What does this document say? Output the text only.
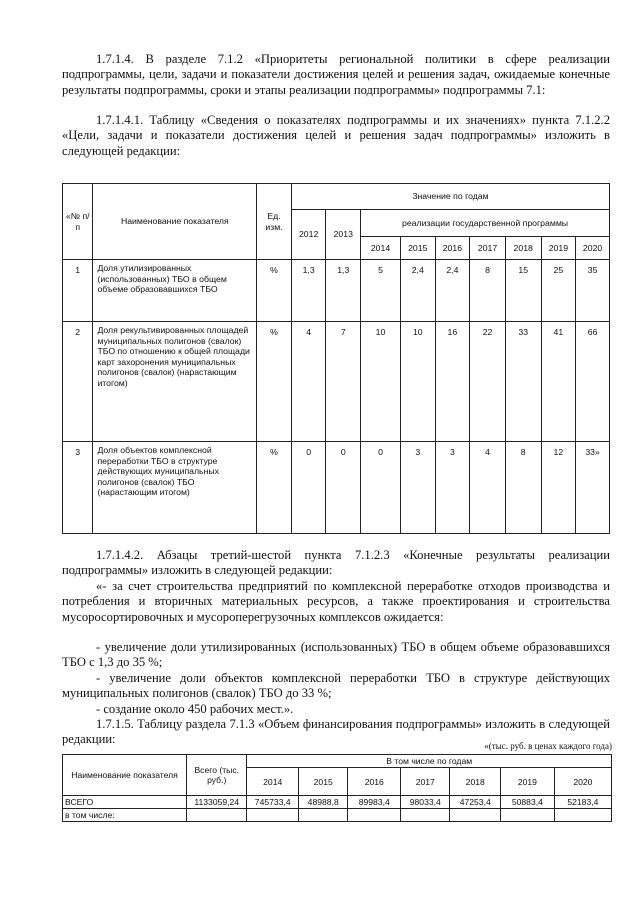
1.7.1.4. В разделе 7.1.2 «Приоритеты региональной политики в сфере реализации подпрограммы, цели, задачи и показатели достижения целей и решения задач, ожидаемые конечные результаты подпрограммы, сроки и этапы реализации подпрограммы» подпрограммы 7.1:

1.7.1.4.1. Таблицу «Сведения о показателях подпрограммы и их значениях» пункта 7.1.2.2 «Цели, задачи и показатели достижения целей и решения задач подпрограммы» изложить в следующей редакции:

«№ п/п	Наименование показателя	Ед. изм.	Значение по годам								
			2012	2013	реализации государственной программы						
					2014	2015	2016	2017	2018	2019	2020
1	Доля утилизированных (использованных) ТБО в общем объеме образовавшихся ТБО	%	1,3	1,3	5	2,4	2,4	8	15	25	35
2	Доля рекультивированных площадей муниципальных полигонов (свалок) ТБО по отношению к общей площади карт захоронения муниципальных полигонов (свалок) (нарастающим итогом)	%	4	7	10	10	16	22	33	41	66
3	Доля объектов комплексной переработки ТБО в структуре действующих муниципальных полигонов (свалок) ТБО (нарастающим итогом)	%	0	0	0	3	3	4	8	12	33»

1.7.1.4.2. Абзацы третий-шестой пункта 7.1.2.3 «Конечные результаты реализации подпрограммы» изложить в следующей редакции:

«- за счет строительства предприятий по комплексной переработке отходов производства и потребления и вторичных материальных ресурсов, а также проектирования и строительства мусоросортировочных и мусороперегрузочных комплексов ожидается:

- увеличение доли утилизированных (использованных) ТБО в общем объеме образовавшихся ТБО с 1,3 до 35 %;

- увеличение доли объектов комплексной переработки ТБО в структуре действующих муниципальных полигонов (свалок) ТБО до 33 %;

- создание около 450 рабочих мест.».

1.7.1.5. Таблицу раздела 7.1.3 «Объем финансирования подпрограммы» изложить в следующей редакции:	«(тыс. руб. в ценах каждого года)
Наименование показателя	Всего (тыс. руб.)	В том числе по годам						
		2014	2015	2016	2017	2018	2019	2020
ВСЕГО	1133059,24	745733,4	48988,8	89983,4	98033,4	47253,4	50883,4	52183,4
в том числе:								
